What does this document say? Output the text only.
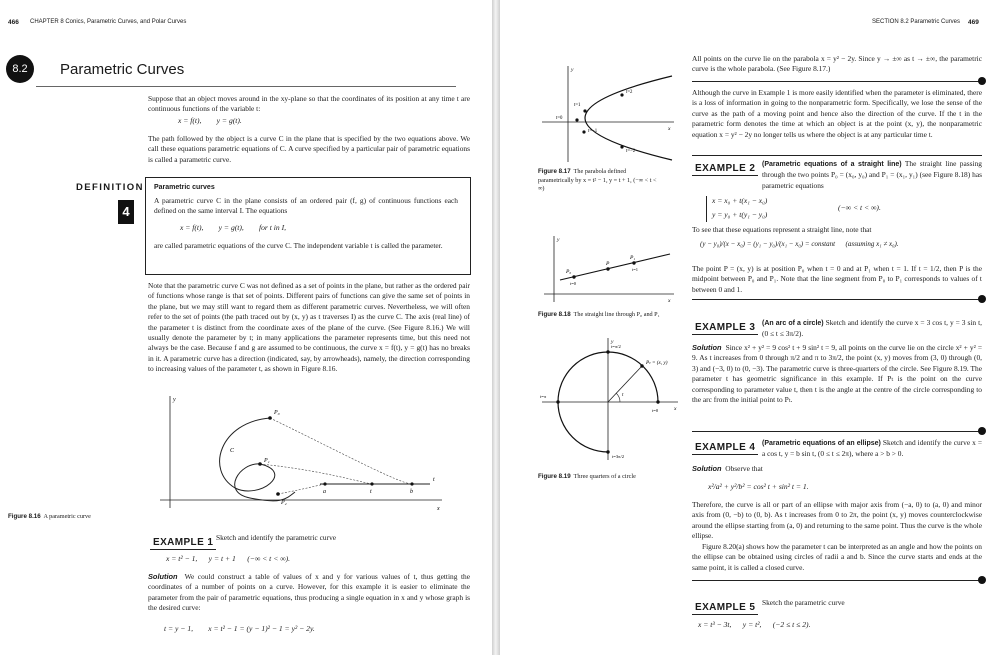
466 CHAPTER 8 Conics, Parametric Curves, and Polar Curves
8.2	Parametric Curves
Suppose that an object moves around in the xy-plane so that the coordinates of its position at any time t are continuous functions of the variable t:
x = f(t),        y = g(t).
The path followed by the object is a curve C in the plane that is specified by the two equations above. We call these equations parametric equations of C. A curve specified by a particular pair of parametric equations is called a parametric curve.
DEFINITION
4
Parametric curves
A parametric curve C in the plane consists of an ordered pair (f, g) of continuous functions each defined on the same interval I. The equations
x = f(t),        y = g(t),        for t in I,
are called parametric equations of the curve C. The independent variable t is called the parameter.
Note that the parametric curve C was not defined as a set of points in the plane, but rather as the ordered pair of functions whose range is that set of points. Different pairs of functions can give the same set of points in the plane, but we may still want to regard them as different parametric curves. Nevertheless, we will often refer to the set of points (the path traced out by (x, y) as t traverses I) as the curve C. The axis (real line) of the parameter t is distinct from the coordinate axes of the plane of the curve. (See Figure 8.16.) We will usually denote the parameter by t; in many applications the parameter represents time, but this need not always be the case. Because f and g are assumed to be continuous, the curve x = f(t), y = g(t) has no breaks in it. A parametric curve has a direction (indicated, say, by arrowheads), namely, the direction corresponding to increasing values of the parameter t, as shown in Figure 8.16.
P₀
C
P₁
P₂
a	t	b
x
y
t
Figure 8.16 A parametric curve
EXAMPLE 1 Sketch and identify the parametric curve
x = t² − 1,      y = t + 1      (−∞ < t < ∞).
Solution We could construct a table of values of x and y for various values of t, thus getting the coordinates of a number of points on a curve. However, for this example it is easier to eliminate the parameter from the pair of parametric equations, thus producing a single equation in x and y whose graph is the desired curve:
t = y − 1,        x = t² − 1 = (y − 1)² − 1 = y² − 2y.
SECTION 8.2 Parametric Curves 469
All points on the curve lie on the parabola x = y² − 2y. Since y → ±∞ as t → ±∞, the parametric curve is the whole parabola. (See Figure 8.17.)
Although the curve in Example 1 is more easily identified when the parameter is eliminated, there is a loss of information in going to the nonparametric form. Specifically, we lose the sense of the curve as the path of a moving point and hence also the direction of the curve. If the t in the parametric form denotes the time at which an object is at the point (x, y), the nonparametric equation x = y² − 2y no longer tells us where the object is at any particular time t.
t=1
t=2
t=0
t=−1
t=−2
x
y
Figure 8.17 The parabola defined parametrically by x = t² − 1, y = t + 1, (−∞ < t < ∞)
EXAMPLE 2 (Parametric equations of a straight line) The straight line passing through the two points P₀ = (x₀, y₀) and P₁ = (x₁, y₁) (see Figure 8.18) has parametric equations
x = x₀ + t(x₁ − x₀)
y = y₀ + t(y₁ − y₀)
(−∞ < t < ∞).
To see that these equations represent a straight line, note that
(y − y₀)/(x − x₀) = (y₁ − y₀)/(x₁ − x₀) = constant      (assuming x₁ ≠ x₀).
The point P = (x, y) is at position P₀ when t = 0 and at P₁ when t = 1. If t = 1/2, then P is the midpoint between P₀ and P₁. Note that the line segment from P₀ to P₁ corresponds to values of t between 0 and 1.
P₀
P
P₁
t=0
t=1
x
y
Figure 8.18 The straight line through P₀ and P₁
EXAMPLE 3 (An arc of a circle) Sketch and identify the curve x = 3 cos t, y = 3 sin t, (0 ≤ t ≤ 3π/2).
Solution Since x² + y² = 9 cos² t + 9 sin² t = 9, all points on the curve lie on the circle x² + y² = 9. As t increases from 0 through π/2 and π to 3π/2, the point (x, y) moves from (3, 0) through (0, 3) and (−3, 0) to (0, −3). The parametric curve is three-quarters of the circle. See Figure 8.19. The parameter t has geometric significance in this example. If Pₜ is the point on the curve corresponding to parameter value t, then t is the angle at the centre of the circle corresponding to the arc from the initial point to Pₜ.
Pₜ = (x, y)
t
t=0
t=π/2
t=π
t=3π/2
x
y
Figure 8.19 Three quarters of a circle
EXAMPLE 4 (Parametric equations of an ellipse) Sketch and identify the curve x = a cos t, y = b sin t, (0 ≤ t ≤ 2π), where a > b > 0.
Solution Observe that
x²/a² + y²/b² = cos² t + sin² t = 1.
Therefore, the curve is all or part of an ellipse with major axis from (−a, 0) to (a, 0) and minor axis from (0, −b) to (0, b). As t increases from 0 to 2π, the point (x, y) moves counterclockwise around the ellipse starting from (a, 0) and returning to the same point. Thus the curve is the whole ellipse.
Figure 8.20(a) shows how the parameter t can be interpreted as an angle and how the points on the ellipse can be obtained using circles of radii a and b. Since the curve starts and ends at the same point, it is called a closed curve.
EXAMPLE 5 Sketch the parametric curve
x = t³ − 3t,      y = t²,      (−2 ≤ t ≤ 2).
